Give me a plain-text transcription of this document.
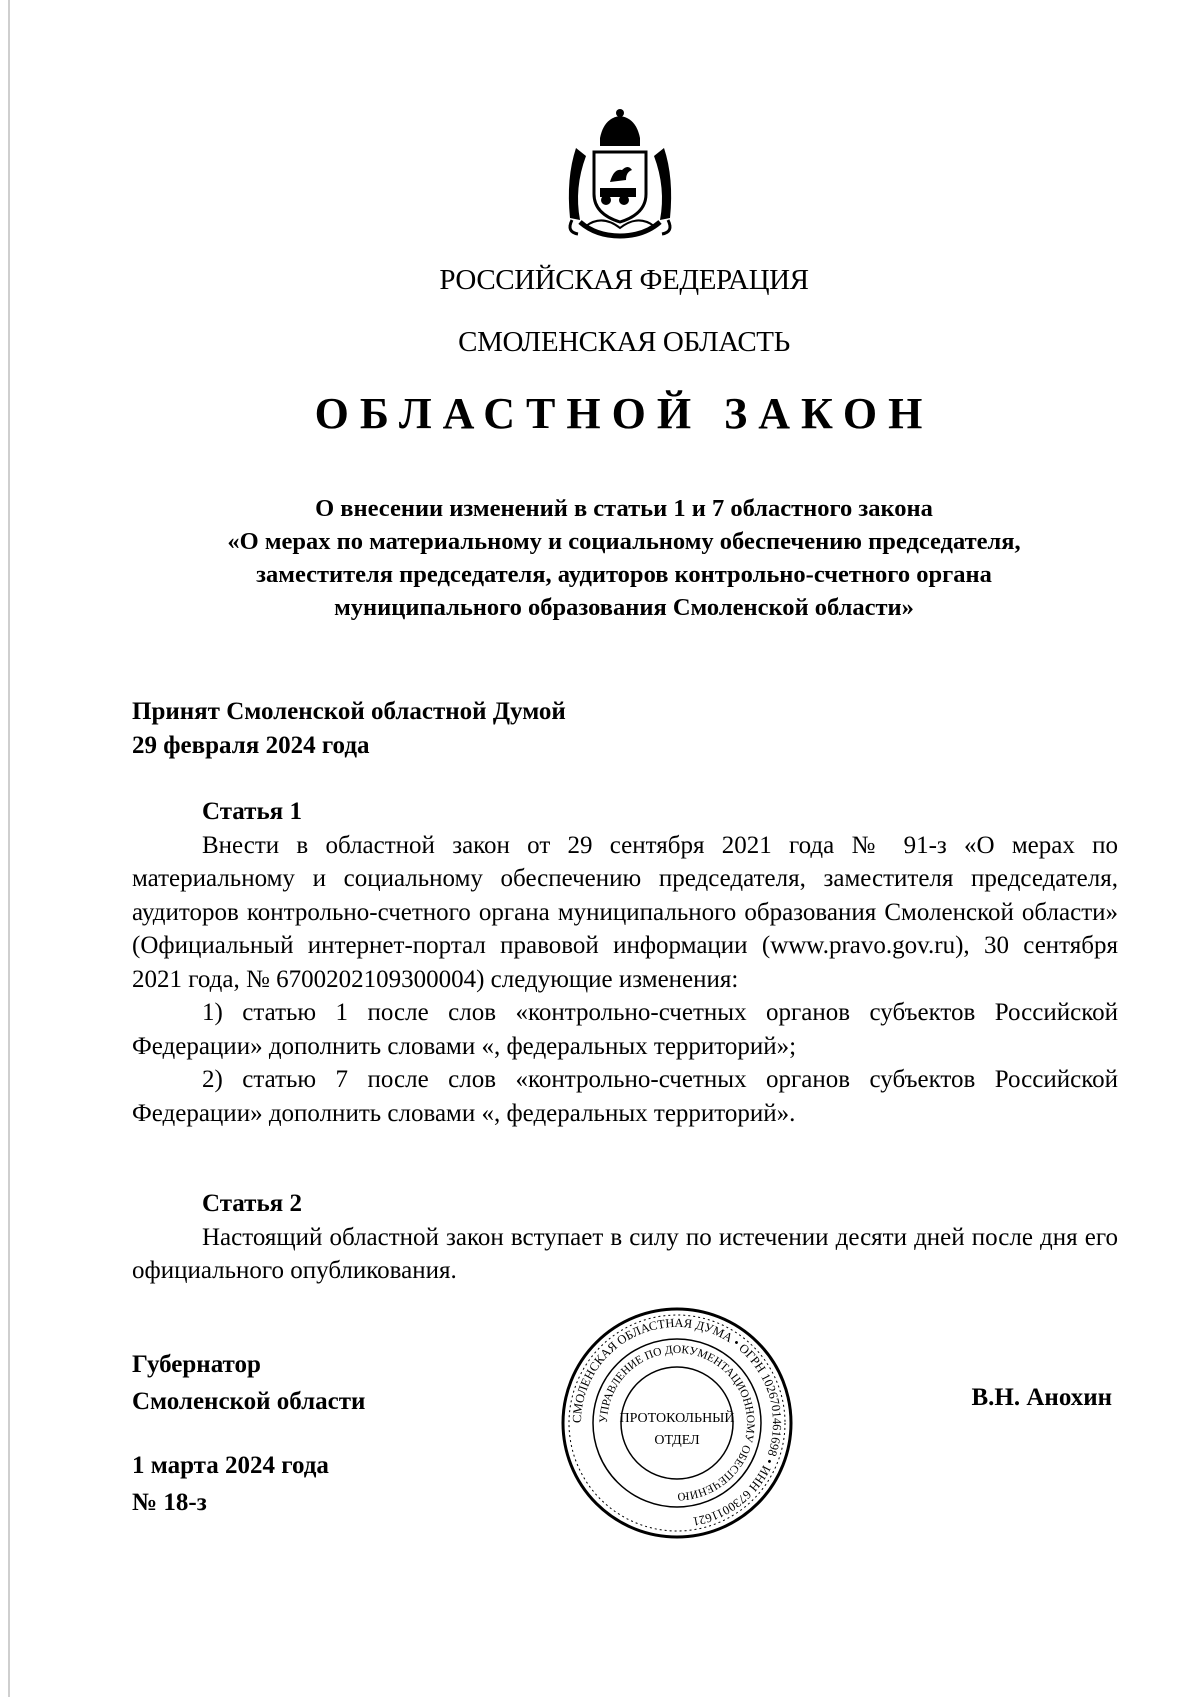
РОССИЙСКАЯ ФЕДЕРАЦИЯ
СМОЛЕНСКАЯ ОБЛАСТЬ
ОБЛАСТНОЙ ЗАКОН
О внесении изменений в статьи 1 и 7 областного закона
«О мерах по материальному и социальному обеспечению председателя,
заместителя председателя, аудиторов контрольно-счетного органа
муниципального образования Смоленской области»
Принят Смоленской областной Думой
29 февраля 2024 года
Статья 1

Внести в областной закон от 29 сентября 2021 года № 91-з «О мерах по материальному и социальному обеспечению председателя, заместителя председателя, аудиторов контрольно-счетного органа муниципального образования Смоленской области» (Официальный интернет-портал правовой информации (www.pravo.gov.ru), 30 сентября 2021 года, № 6700202109300004) следующие изменения:

1) статью 1 после слов «контрольно-счетных органов субъектов Российской Федерации» дополнить словами «, федеральных территорий»;

2) статью 7 после слов «контрольно-счетных органов субъектов Российской Федерации» дополнить словами «, федеральных территорий».

Статья 2

Настоящий областной закон вступает в силу по истечении десяти дней после дня его официального опубликования.

Губернатор
Смоленской области	В.Н. Анохин
1 марта 2024 года
№ 18-з
СМОЛЕНСКАЯ ОБЛАСТНАЯ ДУМА • ОГРН 1026701461698 • ИНН 6730011621
УПРАВЛЕНИЕ ПО ДОКУМЕНТАЦИОННОМУ ОБЕСПЕЧЕНИЮ
ПРОТОКОЛЬНЫЙ
ОТДЕЛ
